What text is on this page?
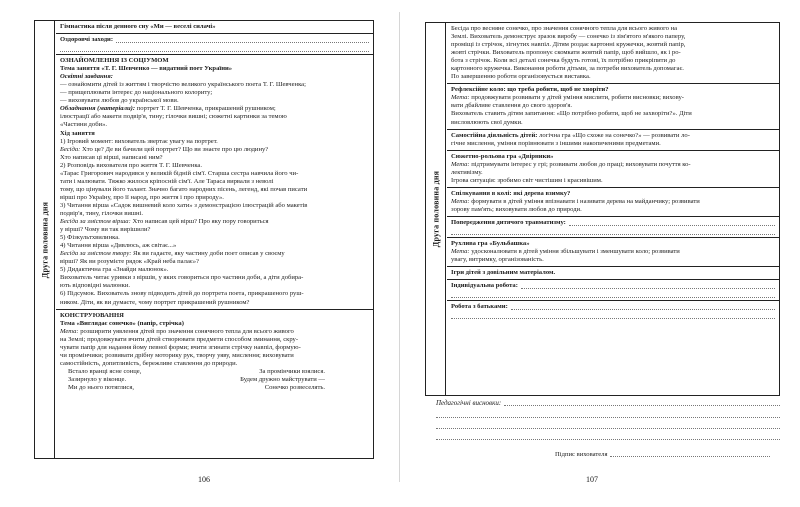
Друга половина дня
Гімнастика після денного сну «Ми — веселі силачі»
Оздоровчі заходи:
ОЗНАЙОМЛЕННЯ ІЗ СОЦІУМОМ
Тема заняття «Т. Г. Шевченко — видатний поет України»
Освітні завдання:
— ознайомити дітей із життям і творчістю великого українського поета Т. Г. Шевченка;
— прищеплювати інтерес до національного колориту;
— виховувати любов до української мови.
Обладнання (матеріали): портрет Т. Г. Шевченка, прикрашений рушником;
ілюстрації або макети подвір'я, тину; гілочки вишні; сюжетні картинки за темою
«Частини доби».
Хід заняття
1) Ігровий момент: вихователь звертає увагу на портрет.
Бесіда: Хто це? Де ви бачили цей портрет? Що ви знаєте про цю людину?
Хто написав ці вірші, написані ним?
2) Розповідь вихователя про життя Т. Г. Шевченка.
«Тарас Григорович народився у великій бідній сім'ї. Старша сестра навчила його чи-
тати і малювати. Тяжко жилося кріпосній сім'ї. Але Тараса вирвали з неволі
тому, що цінували його талант. Значно багато народних пісень, легенд, які почав писати
вірші про Україну, про її народ, про життя і про природу».
3) Читання вірша «Садок вишневий коло хати» з демонстрацією ілюстрацій або макетів
подвір'я, тину, гілочки вишні.
Бесіда за змістом вірша: Хто написав цей вірш? Про яку пору говориться
у вірші? Чому ви так вирішили?
5) Фізкультхвилинка.
4) Читання вірша «Дивлюсь, аж світає...»
Бесіда за змістом твору: Як ви гадаєте, яку частину доби поет описав у своєму
вірші? Як ви розумієте рядок «Край неба палає»?
5) Дидактична гра «Знайди малюнок».
Вихователь читає уривки з віршів, у яких говориться про частини доби, а діти добира-
ють відповідні малюнки.
6) Підсумок. Вихователь знову підводить дітей до портрета поета, прикрашеного руш-
ником. Діти, як ви думаєте, чому портрет прикрашений рушником?
КОНСТРУЮВАННЯ
Тема «Виглядає сонечко» (папір, стрічка)
Мета: розширити уявлення дітей про значення сонячного тепла для всього живого
на Землі; продовжувати вчити дітей створювати предмети способом зминання, скру-
чувати папір для надання йому певної форми; вчити згинати стрічку навпіл, формую-
чи промінчики; розвивати дрібну моторику рук, творчу уяву, мислення; виховувати
самостійність, допитливість, бережливе ставлення до природи.
Встало вранці ясне сонце,	За промінчики взялися.
Зазирнуло у віконце.	Будем дружно майструвати —
Ми до нього потяглися,	Сонечко розвеселять.
106
Друга половина дня
Бесіда про весняне сонечко, про значення сонячного тепла для всього живого на
Землі. Вихователь демонструє зразок виробу — сонечко із зім'ятого м'якого паперу,
проміщі із стрічок, зігнутих навпіл. Дітям роздає картонні кружечки, жовтий папір,
жовті стрічки. Вихователь пропонує скомкати жовтий папір, щоб вийшло, як і ро-
бота з стрічок. Коли всі деталі сонечка будуть готові, їх потрібно прикріпити до
картонного кружечка. Виконання роботи дітьми, за потреби вихователь допомагає.
По завершенню роботи організовується виставка.
Рефлексійне коло: що треба робити, щоб не хворіти?
Мета: продовжувати розвивати у дітей уміння мислити, робити висновки; вихову-
вати дбайливе ставлення до свого здоров'я.
Вихователь ставить дітям запитання: «Що потрібно робити, щоб не захворіти?». Діти
висловлюють свої думки.
Самостійна діяльність дітей: логічна гра «Що схоже на сонечко?» — розвивати ло-
гічне мислення, уміння порівнювати з іншими накопиченими предметами.
Сюжетно-рольова гра «Двірники»
Мета: підтримувати інтерес у грі; розвивати любов до праці; виховувати почуття ко-
лективізму.
Ігрова ситуація: зробимо світ чистішим і красивішим.
Спілкування в колі: які дерева взимку?
Мета: формувати в дітей уміння впізнавати і називати дерева на майданчику; розвивати
зорову пам'ять; виховувати любов до природи.
Попередження дитячого травматизму:
Рухлива гра «Бульбашка»
Мета: удосконалювати в дітей уміння збільшувати і зменшувати коло; розвивати
увагу, витримку, організованість.
Ігри дітей з довільним матеріалом.
Індивідуальна робота:
Робота з батьками:
Педагогічні висновки:
Підпис вихователя
107
